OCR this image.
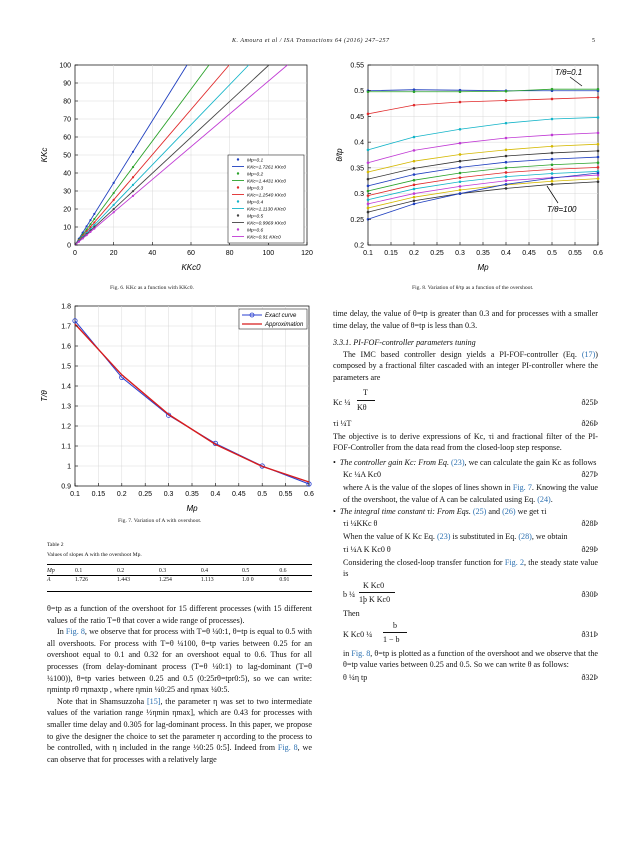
K. Amoura et al / ISA Transactions 64 (2016) 247–257	5
0	20	40	60	80	100	120
0
10
20
30
40
50
60
70
80
90
100
KKc0
KKc	Mp=0.1
KKc=1.7261 KKc0
Mp=0.2
KKc=1.4431 KKc0
Mp=0.3
KKc=1.2540 KKc0
Mp=0.4
KKc=1.1130 KKc0
Mp=0.5
KKc=0.9969 KKc0
Mp=0.6
KKc=0.91 KKc0
Fig. 6. KKc as a function with KKc0.
0.1 0.15 0.2 0.25 0.3 0.35 0.4 0.45 0.5 0.55 0.6
0.2
0.25
0.3
0.35
0.4
0.45
0.5
0.55
Mp
θ/tp
T/θ=0.1
T/θ=100
Fig. 8. Variation of θ/tp as a function of the overshoot.
0.1 0.15 0.2 0.25 0.3 0.35 0.4 0.45 0.5 0.55 0.6
0.9
1
1.1
1.2
1.3
1.4
1.5
1.6
1.7
1.8
Mp
T/θ
Exact curve
Approximation
Fig. 7. Variation of A with overshoot.
Table 2
Values of slopes A with the overshoot Mp.
Mp	0.1	0.2	0.3	0.4	0.5	0.6
A	1.726	1.443	1.254	1.113	1.0 0	0.91

θ=tp as a function of the overshoot for 15 different processes (with 15 different values of the ratio T=θ that cover a wide range of processes).

In Fig. 8, we observe that for process with T=θ ¼0:1, θ=tp is equal to 0.5 with all overshoots. For process with T=θ ¼100, θ=tp varies between 0.25 for an overshoot equal to 0.1 and 0.32 for an overshoot equal to 0.6. Thus for all processes (from delay-dominant process (T=θ ¼0:1) to lag-dominant (T=θ ¼100)), θ=tp varies between 0.25 and 0.5 (0:25rθ=tpr0:5), so we can write: ηmintp rθ rηmaxtp , where ηmin ¼0:25 and ηmax ¼0:5.

Note that in Shamsuzzoha [15], the parameter η was set to two intermediate values of the variation range ½ηmin ηmax], which are 0.43 for processes with smaller time delay and 0.305 for lag-dominant process. In this paper, we propose to give the designer the choice to set the parameter η according to the process to be controlled, with η included in the range ½0:25 0:5]. Indeed from Fig. 8, we can observe that for processes with a relatively large

time delay, the value of θ=tp is greater than 0.3 and for processes with a smaller time delay, the value of θ=tp is less than 0.3.

3.3.1. PI-FOF-controller parameters tuning

The IMC based controller design yields a PI-FOF-controller (Eq. (17)) composed by a fractional filter cascaded with an integer PI-controller where the parameters are

Kc ¼
T
Kθ
ð25Þ
τi ¼T	ð26Þ

The objective is to derive expressions of Kc, τi and fractional filter of the PI-FOF-Controller from the data read from the closed-loop step response.

•  The controller gain Kc: From Eq. (23), we can calculate the gain Kc as follows

Kc ¼A Kc0	ð27Þ

where A is the value of the slopes of lines shown in Fig. 7. Knowing the value of the overshoot, the value of A can be calculated using Eq. (24).

•  The integral time constant τi: From Eqs. (25) and (26) we get τi

τi ¼KKc θ	ð28Þ

When the value of K Kc Eq. (23) is substituted in Eq. (28), we obtain

τi ¼A K Kc0 θ	ð29Þ

Considering the closed-loop transfer function for Fig. 2, the steady state value is

b ¼
K Kc0
1þ K Kc0
ð30Þ

Then

K Kc0 ¼
b
1 − b
ð31Þ

in Fig. 8, θ=tp is plotted as a function of the overshoot and we observe that the θ=tp value varies between 0.25 and 0.5. So we can write θ as follows:

θ ¼η tp	ð32Þ
